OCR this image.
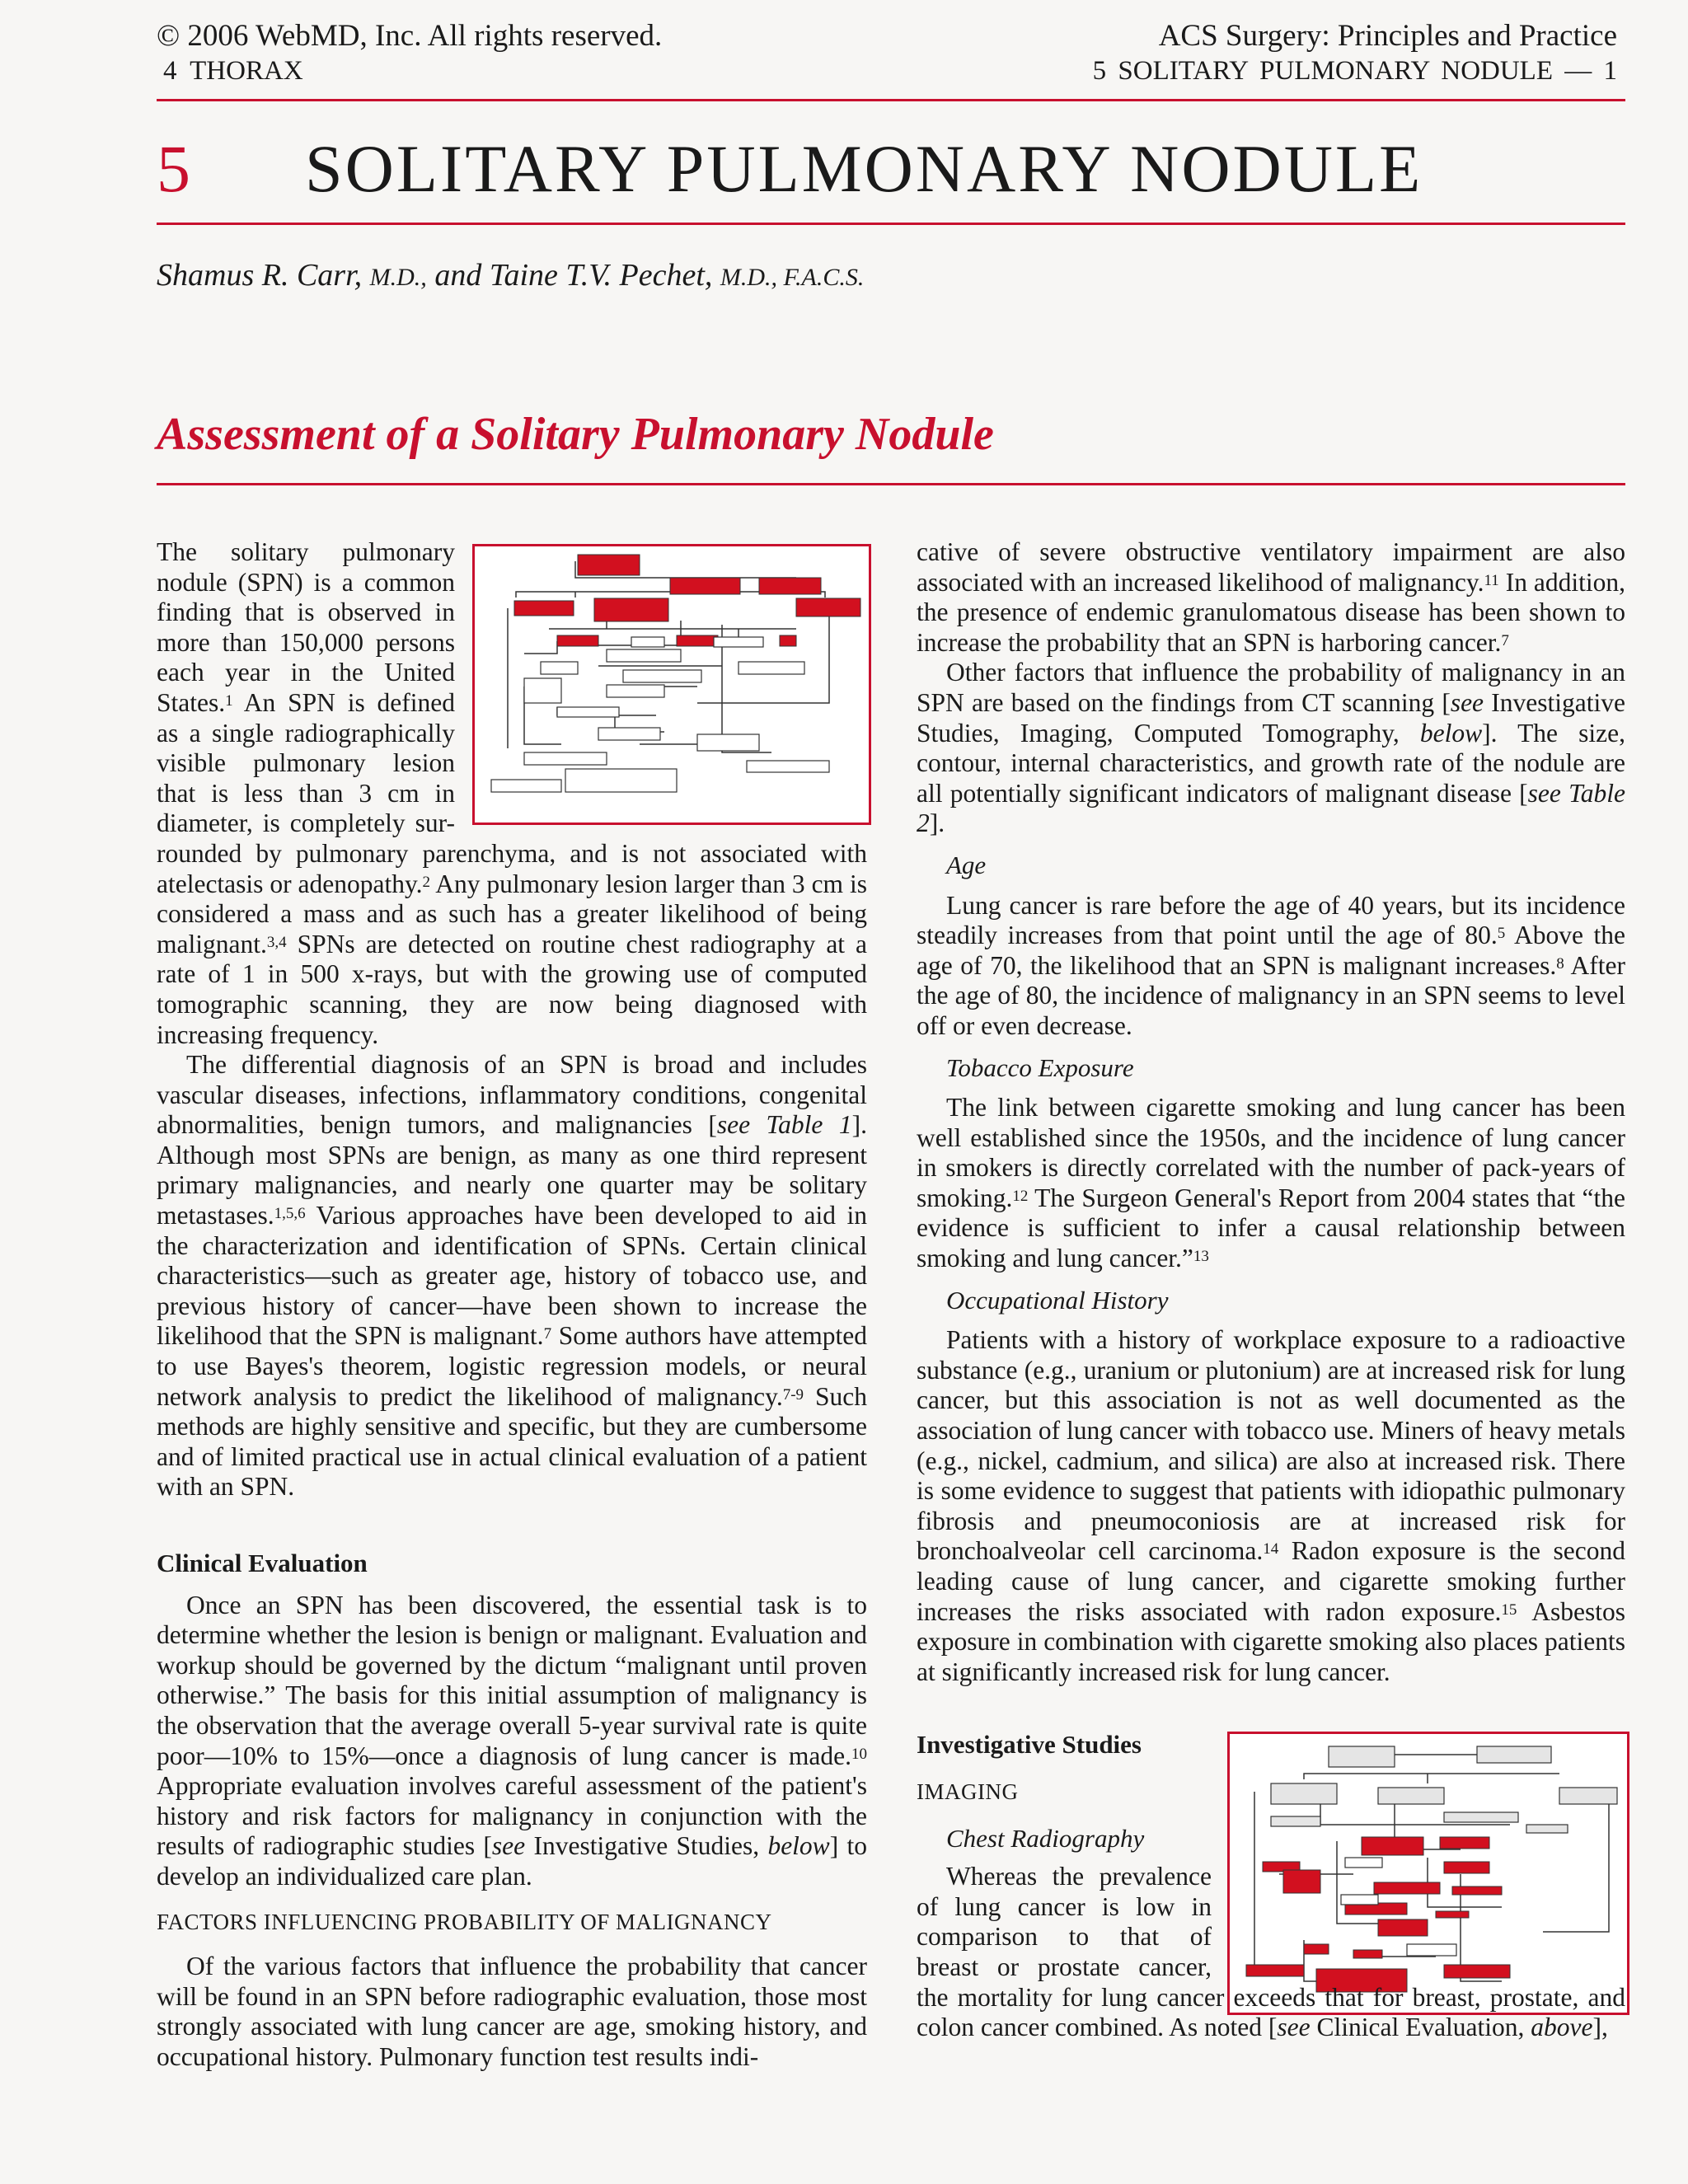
© 2006 WebMD, Inc. All rights reserved.
4 THORAX
ACS Surgery: Principles and Practice
5 SOLITARY PULMONARY NODULE — 1
5 SOLITARY PULMONARY NODULE
Shamus R. Carr, M.D., and Taine T.V. Pechet, M.D., F.A.C.S.
Assessment of a Solitary Pulmonary Nodule
The solitary pulmonary
nodule (SPN) is a common
finding that is observed in
more than 150,000 persons
each year in the United
States.$^1$ An SPN is defined
as a single radiographically
visible pulmonary lesion
that is less than 3 cm in
diameter, is completely sur-

rounded by pulmonary parenchyma, and is not associated with atelectasis or adenopathy.$^2$ Any pulmonary lesion larger than 3 cm is considered a mass and as such has a greater likelihood of being malignant.$^{3,4}$ SPNs are detected on routine chest radiography at a rate of 1 in 500 x-rays, but with the growing use of computed tomographic scanning, they are now being diagnosed with increasing frequency.

The differential diagnosis of an SPN is broad and includes vascular diseases, infections, inflammatory conditions, congenital abnormalities, benign tumors, and malignancies [see Table 1]. Although most SPNs are benign, as many as one third represent primary malignancies, and nearly one quarter may be solitary metastases.$^{1,5,6}$ Various approaches have been developed to aid in the characterization and identification of SPNs. Certain clinical characteristics—such as greater age, history of tobacco use, and previous history of cancer—have been shown to increase the likelihood that the SPN is malignant.$^7$ Some authors have attempted to use Bayes's theorem, logistic regression models, or neural network analysis to predict the likelihood of malignancy.$^{7-9}$ Such methods are highly sensitive and specific, but they are cumbersome and of limited practical use in actual clinical evaluation of a patient with an SPN.

Clinical Evaluation

Once an SPN has been discovered, the essential task is to determine whether the lesion is benign or malignant. Evaluation and workup should be governed by the dictum “malignant until proven otherwise.” The basis for this initial assumption of malignancy is the observation that the average overall 5-year survival rate is quite poor—10% to 15%—once a diagnosis of lung cancer is made.$^{10}$ Appropriate evaluation involves careful assessment of the patient's history and risk factors for malignancy in conjunction with the results of radiographic studies [see Investigative Studies, below] to develop an individualized care plan.

FACTORS INFLUENCING PROBABILITY OF MALIGNANCY

Of the various factors that influence the probability that cancer will be found in an SPN before radiographic evaluation, those most strongly associated with lung cancer are age, smoking history, and occupational history. Pulmonary function test results indi-

cative of severe obstructive ventilatory impairment are also associated with an increased likelihood of malignancy.$^{11}$ In addition, the presence of endemic granulomatous disease has been shown to increase the probability that an SPN is harboring cancer.$^7$

Other factors that influence the probability of malignancy in an SPN are based on the findings from CT scanning [see Investigative Studies, Imaging, Computed Tomography, below]. The size, contour, internal characteristics, and growth rate of the nodule are all potentially significant indicators of malignant disease [see Table 2].

Age

Lung cancer is rare before the age of 40 years, but its incidence steadily increases from that point until the age of 80.$^5$ Above the age of 70, the likelihood that an SPN is malignant increases.$^8$ After the age of 80, the incidence of malignancy in an SPN seems to level off or even decrease.

Tobacco Exposure

The link between cigarette smoking and lung cancer has been well established since the 1950s, and the incidence of lung cancer in smokers is directly correlated with the number of pack-years of smoking.$^{12}$ The Surgeon General's Report from 2004 states that “the evidence is sufficient to infer a causal relationship between smoking and lung cancer.”$^{13}$

Occupational History

Patients with a history of workplace exposure to a radioactive substance (e.g., uranium or plutonium) are at increased risk for lung cancer, but this association is not as well documented as the association of lung cancer with tobacco use. Miners of heavy metals (e.g., nickel, cadmium, and silica) are also at increased risk. There is some evidence to suggest that patients with idiopathic pulmonary fibrosis and pneumoconiosis are at increased risk for bronchoalveolar cell carcinoma.$^{14}$ Radon exposure is the second leading cause of lung cancer, and cigarette smoking further increases the risks associated with radon exposure.$^{15}$ Asbestos exposure in combination with cigarette smoking also places patients at significantly increased risk for lung cancer.

Investigative Studies
IMAGING
Chest Radiography
Whereas the prevalence
of lung cancer is low in
comparison to that of
breast or prostate cancer,

the mortality for lung cancer exceeds that for breast, prostate, and colon cancer combined. As noted [see Clinical Evaluation, above],
